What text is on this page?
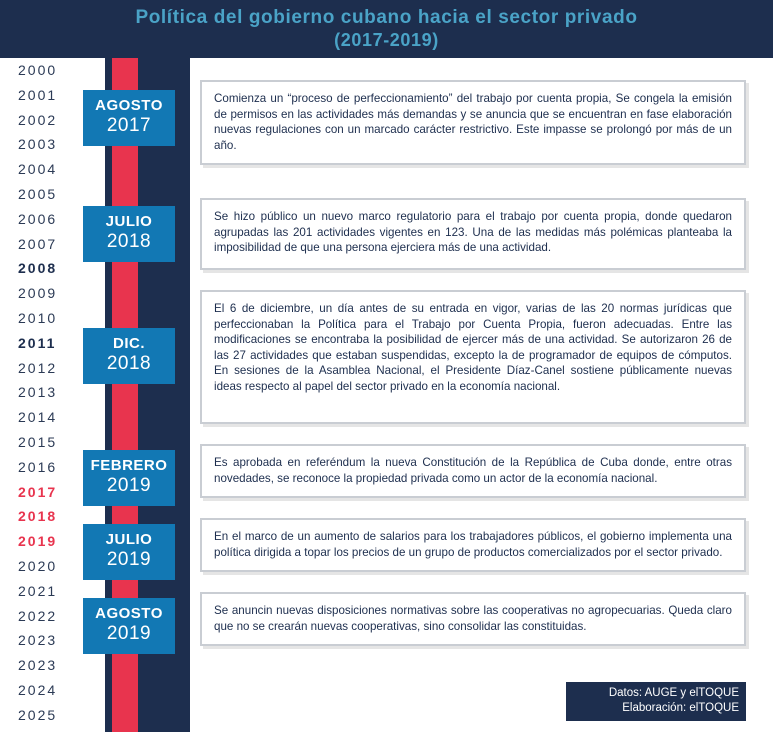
Política del gobierno cubano hacia el sector privado
(2017-2019)
2000
2001
2002
2003
2004
2005
2006
2007
2008
2009
2010
2011
2012
2013
2014
2015
2016
2017
2018
2019
2020
2021
2022
2023
2023
2024
2025
AGOSTO
2017
Comienza un “proceso de perfeccionamiento” del trabajo por cuenta propia, Se congela la emisión de permisos en las actividades más demandas y se anuncia que se encuentran en fase elaboración nuevas regulaciones con un marcado carácter restrictivo. Este impasse se prolongó por más de un año.
JULIO
2018
Se hizo público un nuevo marco regulatorio para el trabajo por cuenta propia, donde quedaron agrupadas las 201 actividades vigentes en 123. Una de las medidas más polémicas planteaba la imposibilidad de que una persona ejerciera más de una actividad.
DIC.
2018
El 6 de diciembre, un día antes de su entrada en vigor, varias de las 20 normas jurídicas que perfeccionaban la Política para el Trabajo por Cuenta Propia, fueron adecuadas. Entre las modificaciones se encontraba la posibilidad de ejercer más de una actividad. Se autorizaron 26 de las 27 actividades que estaban suspendidas, excepto la de programador de equipos de cómputos. En sesiones de la Asamblea Nacional, el Presidente Díaz-Canel sostiene públicamente nuevas ideas respecto al papel del sector privado en la economía nacional.
FEBRERO
2019
Es aprobada en referéndum la nueva Constitución de la República de Cuba donde, entre otras novedades, se reconoce la propiedad privada como un actor de la economía nacional.
JULIO
2019
En el marco de un aumento de salarios para los trabajadores públicos, el gobierno implementa una política dirigida a topar los precios de un grupo de productos comercializados por el sector privado.
AGOSTO
2019
Se anuncin nuevas disposiciones normativas sobre las cooperativas no agropecuarias. Queda claro que no se crearán nuevas cooperativas, sino consolidar las constituidas.
Datos: AUGE y elTOQUE
Elaboración: elTOQUE
